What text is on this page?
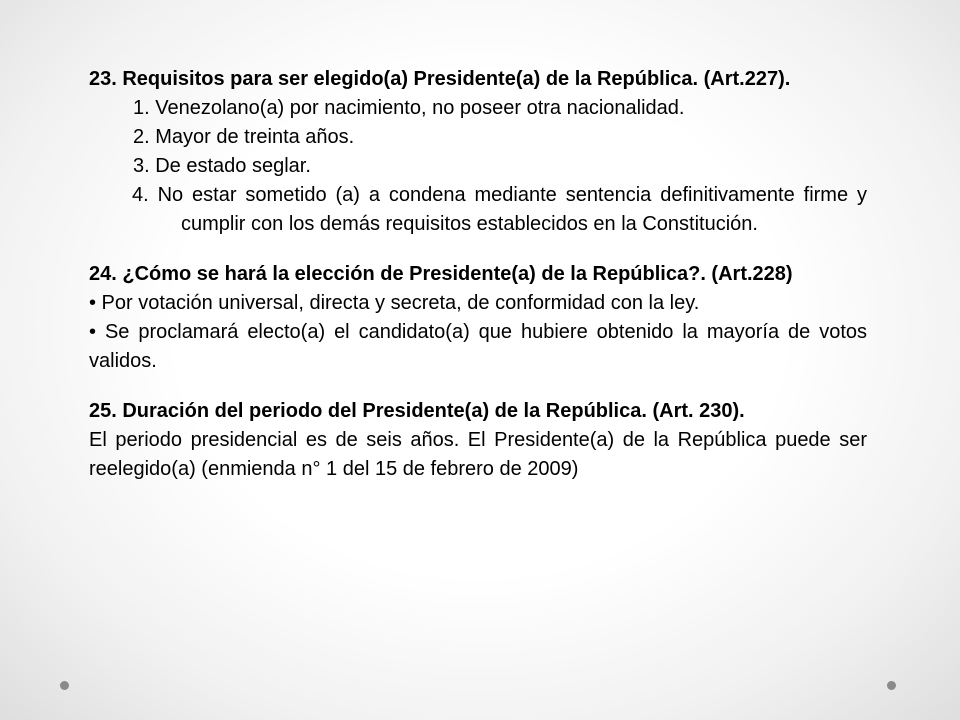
23. Requisitos para ser elegido(a) Presidente(a) de la República. (Art.227).

1. Venezolano(a) por nacimiento, no poseer otra nacionalidad.

2. Mayor de treinta años.

3. De estado seglar.

4. No estar sometido (a) a condena mediante sentencia definitivamente firme y cumplir con los demás requisitos establecidos en la Constitución.

24. ¿Cómo se hará la elección de Presidente(a) de la República?. (Art.228)

• Por votación universal, directa y secreta, de conformidad con la ley.

• Se proclamará electo(a) el candidato(a) que hubiere obtenido la mayoría de votos validos.

25. Duración del periodo del Presidente(a) de la República. (Art. 230).

El periodo presidencial es de seis años. El Presidente(a) de la República puede ser reelegido(a) (enmienda n° 1 del 15 de febrero de 2009)
